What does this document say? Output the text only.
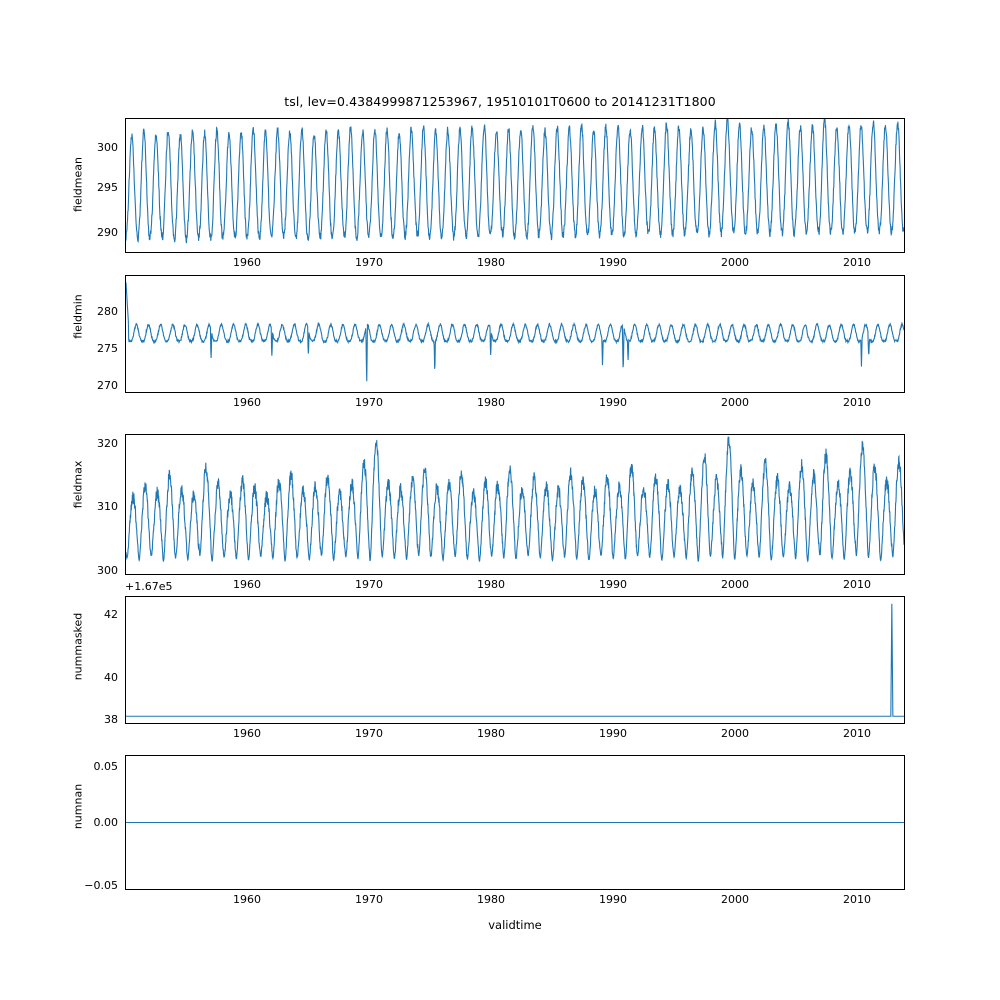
tsl, lev=0.4384999871253967, 19510101T0600 to 20141231T1800
fieldmean
300
295
290
1960	1970	1980	1990	2000	2010
fieldmin	280
275
270
1960	1970	1980	1990	2000	2010
fieldmax
320
310
300
1960	1970	1980	1990	2000	2010
+1.67e5
nummasked	42
40
38
1960	1970	1980	1990	2000	2010
numnan
0.05
0.00
−0.05
1960	1970	1980	1990	2000	2010
validtime
